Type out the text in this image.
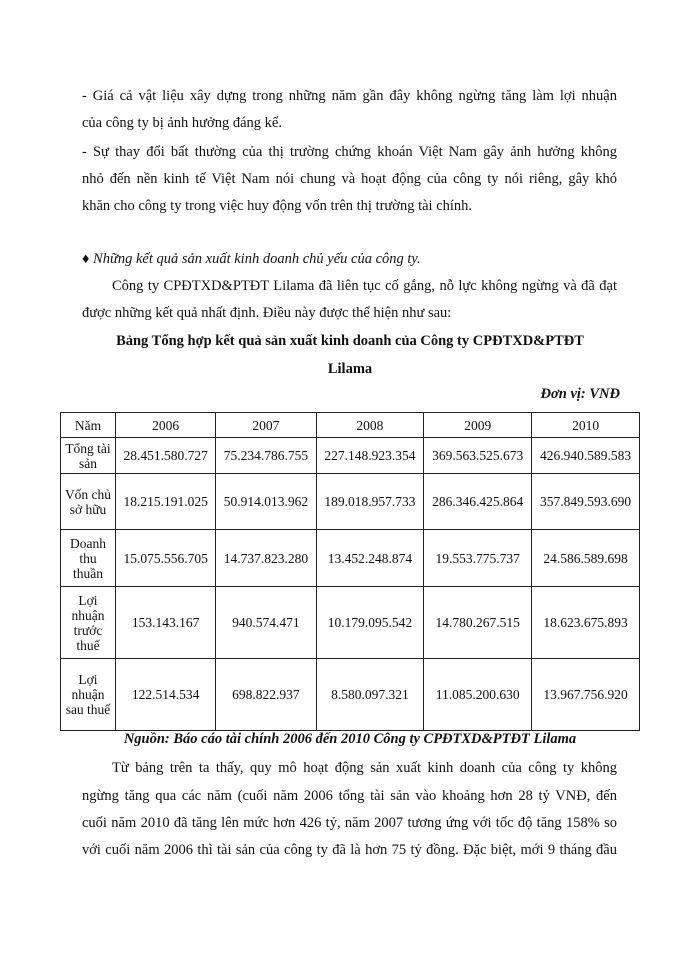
- Giá cả vật liệu xây dựng trong những năm gần đây không ngừng tăng làm lợi nhuận
của công ty bị ảnh hưởng đáng kể.
- Sự thay đổi bất thường của thị trường chứng khoán Việt Nam gây ảnh hưởng không
nhỏ đến nền kinh tế Việt Nam nói chung và hoạt động của công ty nói riêng, gây khó
khăn cho công ty trong việc huy động vốn trên thị trường tài chính.
♦ Những kết quả sản xuất kinh doanh chủ yếu của công ty.
Công ty CPĐTXD&PTĐT Lilama đã liên tục cố gắng, nỗ lực không ngừng và đã đạt
được những kết quả nhất định. Điều này được thể hiện như sau:
Bảng Tổng hợp kết quả sản xuất kinh doanh của Công ty CPĐTXD&PTĐT
Lilama
Đơn vị: VNĐ
Năm	2006	2007	2008	2009	2010
Tổng tài sản	28.451.580.727	75.234.786.755	227.148.923.354	369.563.525.673	426.940.589.583
Vốn chủ sở hữu	18.215.191.025	50.914.013.962	189.018.957.733	286.346.425.864	357.849.593.690
Doanh thu thuần	15.075.556.705	14.737.823.280	13.452.248.874	19.553.775.737	24.586.589.698
Lợi nhuận trước thuế	153.143.167	940.574.471	10.179.095.542	14.780.267.515	18.623.675.893
Lợi nhuận sau thuế	122.514.534	698.822.937	8.580.097.321	11.085.200.630	13.967.756.920
Nguồn: Báo cáo tài chính 2006 đến 2010 Công ty CPĐTXD&PTĐT Lilama
Từ bảng trên ta thấy, quy mô hoạt động sản xuất kinh doanh của công ty không
ngừng tăng qua các năm (cuối năm 2006 tổng tài sản vào khoảng hơn 28 tỷ VNĐ, đến
cuối năm 2010 đã tăng lên mức hơn 426 tỷ, năm 2007 tương ứng với tốc độ tăng 158% so
với cuối năm 2006 thì tài sản của công ty đã là hơn 75 tỷ đồng. Đặc biệt, mới 9 tháng đầu
